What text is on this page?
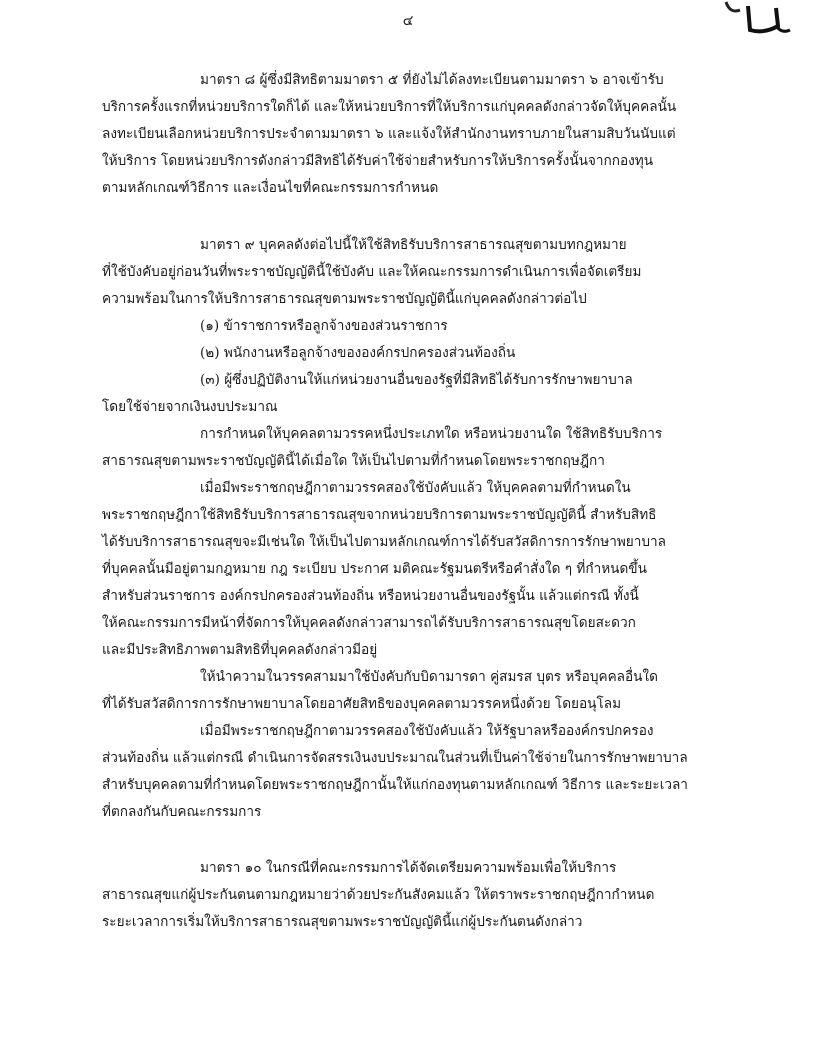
๔
มาตรา ๘ ผู้ซึ่งมีสิทธิตามมาตรา ๕ ที่ยังไม่ได้ลงทะเบียนตามมาตรา ๖ อาจเข้ารับ
บริการครั้งแรกที่หน่วยบริการใดก็ได้ และให้หน่วยบริการที่ให้บริการแก่บุคคลดังกล่าวจัดให้บุคคลนั้น
ลงทะเบียนเลือกหน่วยบริการประจำตามมาตรา ๖ และแจ้งให้สำนักงานทราบภายในสามสิบวันนับแต่
ให้บริการ โดยหน่วยบริการดังกล่าวมีสิทธิได้รับค่าใช้จ่ายสำหรับการให้บริการครั้งนั้นจากกองทุน
ตามหลักเกณฑ์วิธีการ และเงื่อนไขที่คณะกรรมการกำหนด
มาตรา ๙ บุคคลดังต่อไปนี้ให้ใช้สิทธิรับบริการสาธารณสุขตามบทกฎหมาย
ที่ใช้บังคับอยู่ก่อนวันที่พระราชบัญญัตินี้ใช้บังคับ และให้คณะกรรมการดำเนินการเพื่อจัดเตรียม
ความพร้อมในการให้บริการสาธารณสุขตามพระราชบัญญัตินี้แก่บุคคลดังกล่าวต่อไป
(๑) ข้าราชการหรือลูกจ้างของส่วนราชการ
(๒) พนักงานหรือลูกจ้างขององค์กรปกครองส่วนท้องถิ่น
(๓) ผู้ซึ่งปฏิบัติงานให้แก่หน่วยงานอื่นของรัฐที่มีสิทธิได้รับการรักษาพยาบาล
โดยใช้จ่ายจากเงินงบประมาณ
การกำหนดให้บุคคลตามวรรคหนึ่งประเภทใด หรือหน่วยงานใด ใช้สิทธิรับบริการ
สาธารณสุขตามพระราชบัญญัตินี้ได้เมื่อใด ให้เป็นไปตามที่กำหนดโดยพระราชกฤษฎีกา
เมื่อมีพระราชกฤษฎีกาตามวรรคสองใช้บังคับแล้ว ให้บุคคลตามที่กำหนดใน
พระราชกฤษฎีกาใช้สิทธิรับบริการสาธารณสุขจากหน่วยบริการตามพระราชบัญญัตินี้ สำหรับสิทธิ
ได้รับบริการสาธารณสุขจะมีเช่นใด ให้เป็นไปตามหลักเกณฑ์การได้รับสวัสดิการการรักษาพยาบาล
ที่บุคคลนั้นมีอยู่ตามกฎหมาย กฎ ระเบียบ ประกาศ มติคณะรัฐมนตรีหรือคำสั่งใด ๆ ที่กำหนดขึ้น
สำหรับส่วนราชการ องค์กรปกครองส่วนท้องถิ่น หรือหน่วยงานอื่นของรัฐนั้น แล้วแต่กรณี ทั้งนี้
ให้คณะกรรมการมีหน้าที่จัดการให้บุคคลดังกล่าวสามารถได้รับบริการสาธารณสุขโดยสะดวก
และมีประสิทธิภาพตามสิทธิที่บุคคลดังกล่าวมีอยู่
ให้นำความในวรรคสามมาใช้บังคับกับบิดามารดา คู่สมรส บุตร หรือบุคคลอื่นใด
ที่ได้รับสวัสดิการการรักษาพยาบาลโดยอาศัยสิทธิของบุคคลตามวรรคหนึ่งด้วย โดยอนุโลม
เมื่อมีพระราชกฤษฎีกาตามวรรคสองใช้บังคับแล้ว ให้รัฐบาลหรือองค์กรปกครอง
ส่วนท้องถิ่น แล้วแต่กรณี ดำเนินการจัดสรรเงินงบประมาณในส่วนที่เป็นค่าใช้จ่ายในการรักษาพยาบาล
สำหรับบุคคลตามที่กำหนดโดยพระราชกฤษฎีกานั้นให้แก่กองทุนตามหลักเกณฑ์ วิธีการ และระยะเวลา
ที่ตกลงกันกับคณะกรรมการ
มาตรา ๑๐ ในกรณีที่คณะกรรมการได้จัดเตรียมความพร้อมเพื่อให้บริการ
สาธารณสุขแก่ผู้ประกันตนตามกฎหมายว่าด้วยประกันสังคมแล้ว ให้ตราพระราชกฤษฎีกากำหนด
ระยะเวลาการเริ่มให้บริการสาธารณสุขตามพระราชบัญญัตินี้แก่ผู้ประกันตนดังกล่าว
